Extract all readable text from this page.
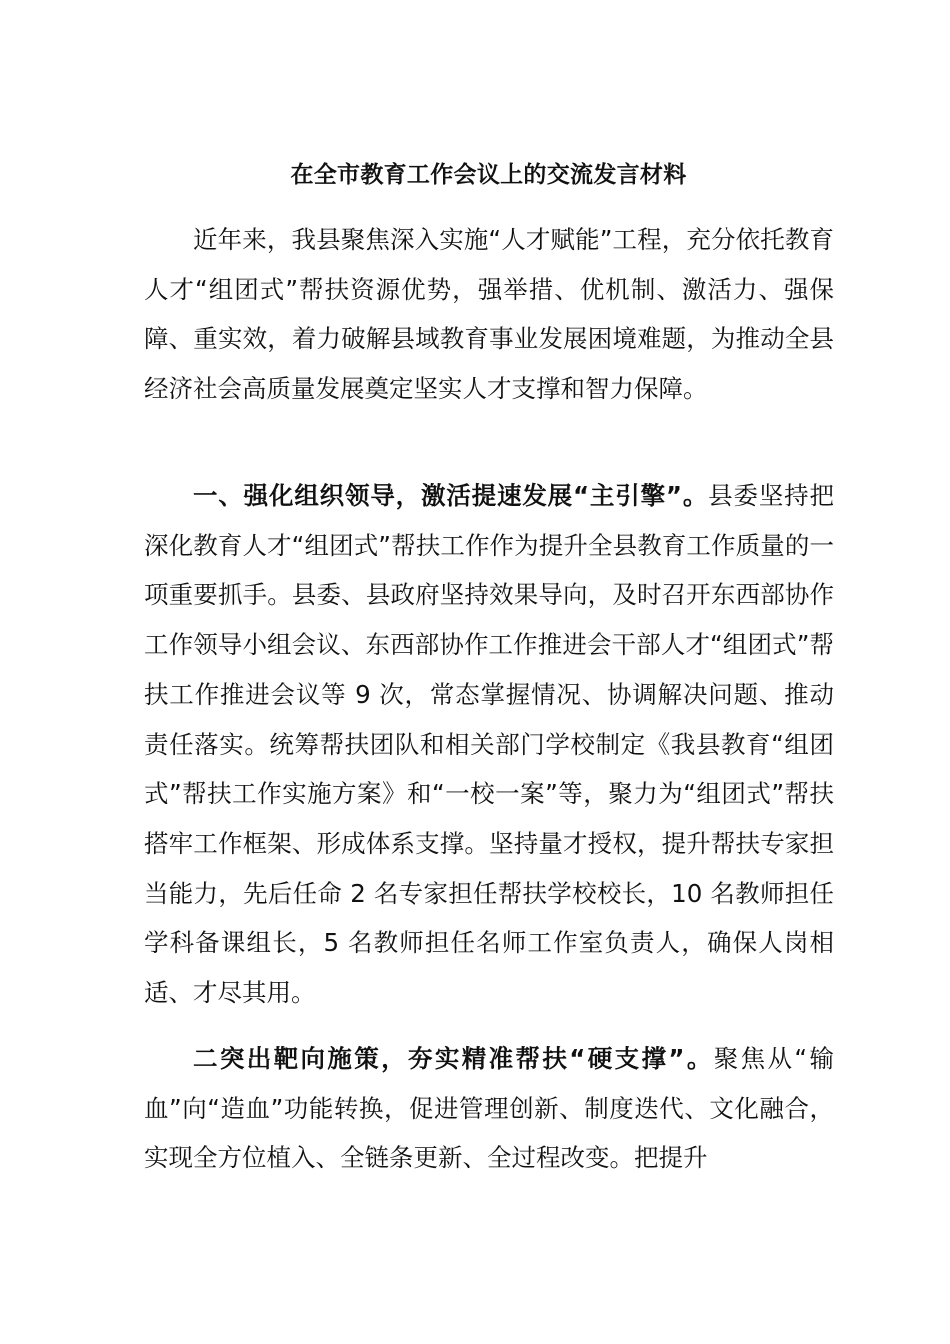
在全市教育工作会议上的交流发言材料

近年来，我县聚焦深入实施“人才赋能”工程，充分依托教育人才“组团式”帮扶资源优势，强举措、优机制、激活力、强保障、重实效，着力破解县域教育事业发展困境难题，为推动全县经济社会高质量发展奠定坚实人才支撑和智力保障。

一、强化组织领导，激活提速发展“主引擎”。县委坚持把深化教育人才“组团式”帮扶工作作为提升全县教育工作质量的一项重要抓手。县委、县政府坚持效果导向，及时召开东西部协作工作领导小组会议、东西部协作工作推进会干部人才“组团式”帮扶工作推进会议等 9 次，常态掌握情况、协调解决问题、推动责任落实。统筹帮扶团队和相关部门学校制定《我县教育“组团式”帮扶工作实施方案》和“一校一案”等，聚力为“组团式”帮扶搭牢工作框架、形成体系支撑。坚持量才授权，提升帮扶专家担当能力，先后任命 2 名专家担任帮扶学校校长，10 名教师担任学科备课组长，5 名教师担任名师工作室负责人，确保人岗相适、才尽其用。

二突出靶向施策，夯实精准帮扶“硬支撑”。聚焦从“输血”向“造血”功能转换，促进管理创新、制度迭代、文化融合，实现全方位植入、全链条更新、全过程改变。把提升
